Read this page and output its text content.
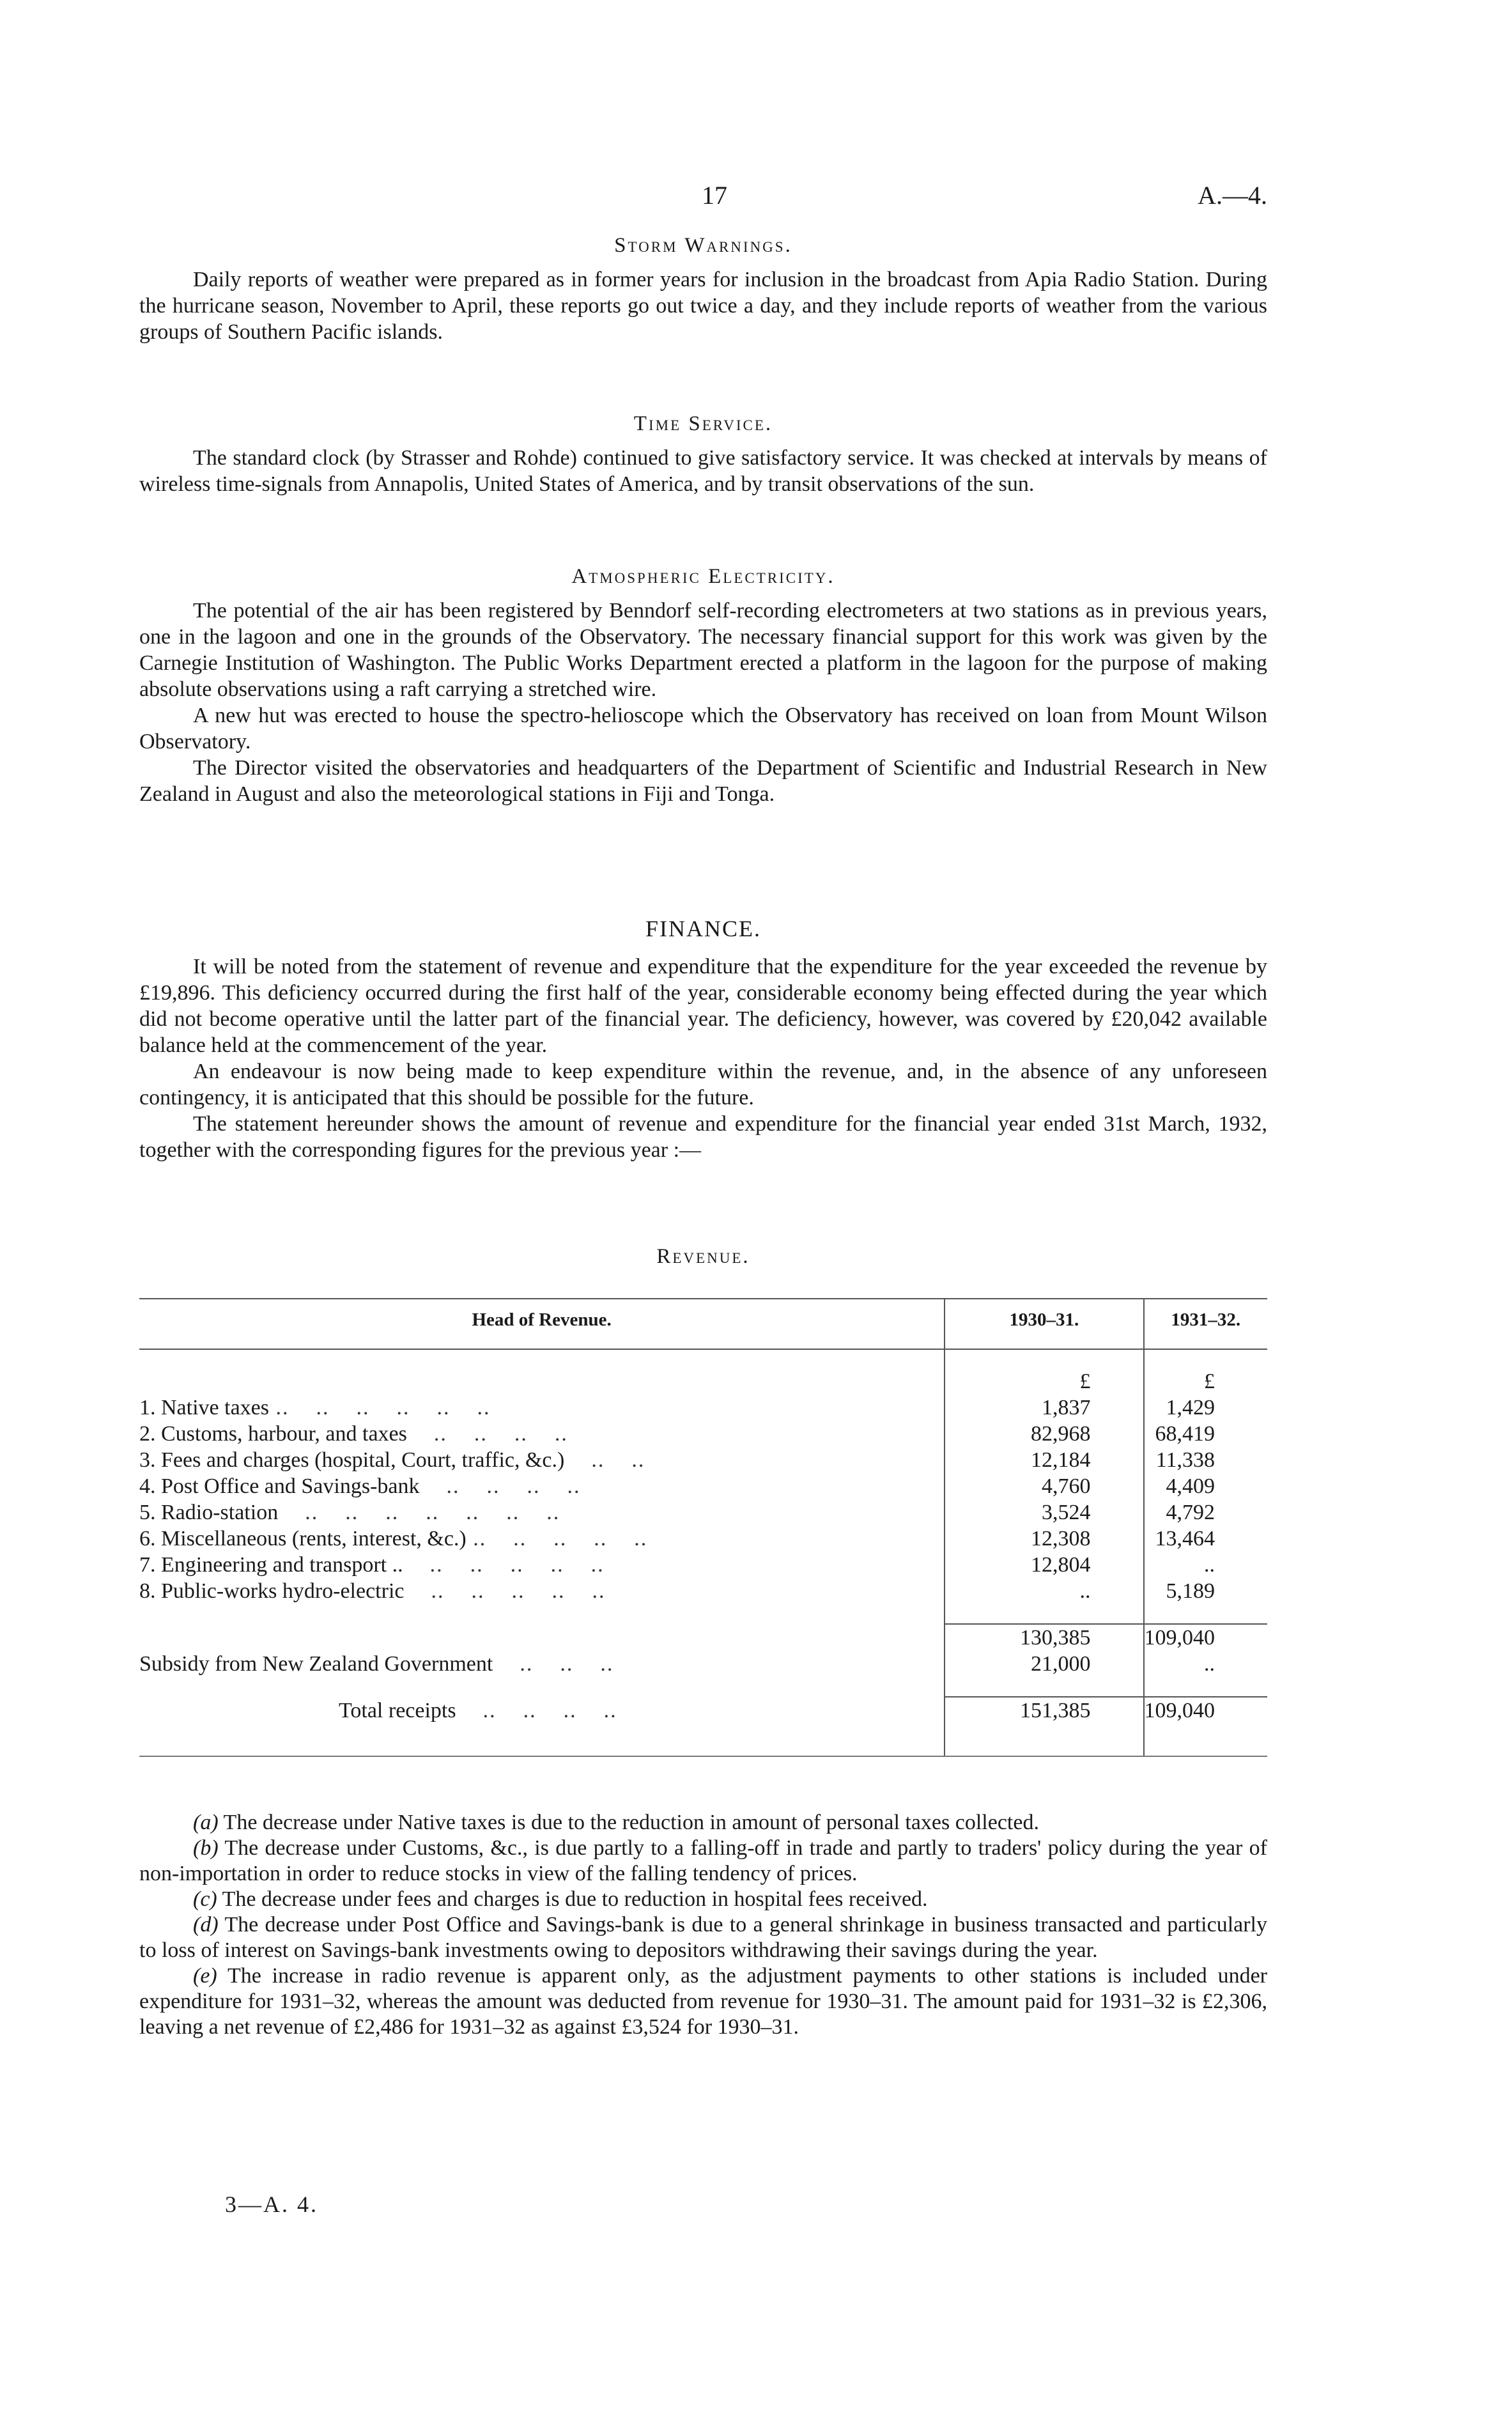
17	A.—4.

Storm Warnings.

Daily reports of weather were prepared as in former years for inclusion in the broadcast from Apia Radio Station. During the hurricane season, November to April, these reports go out twice a day, and they include reports of weather from the various groups of Southern Pacific islands.

Time Service.

The standard clock (by Strasser and Rohde) continued to give satisfactory service. It was checked at intervals by means of wireless time-signals from Annapolis, United States of America, and by transit observations of the sun.

Atmospheric Electricity.

The potential of the air has been registered by Benndorf self-recording electrometers at two stations as in previous years, one in the lagoon and one in the grounds of the Observatory. The necessary financial support for this work was given by the Carnegie Institution of Washington. The Public Works Department erected a platform in the lagoon for the purpose of making absolute observations using a raft carrying a stretched wire.

A new hut was erected to house the spectro-helioscope which the Observatory has received on loan from Mount Wilson Observatory.

The Director visited the observatories and headquarters of the Department of Scientific and Industrial Research in New Zealand in August and also the meteorological stations in Fiji and Tonga.

FINANCE.

It will be noted from the statement of revenue and expenditure that the expenditure for the year exceeded the revenue by £19,896. This deficiency occurred during the first half of the year, considerable economy being effected during the year which did not become operative until the latter part of the financial year. The deficiency, however, was covered by £20,042 available balance held at the commencement of the year.

An endeavour is now being made to keep expenditure within the revenue, and, in the absence of any unforeseen contingency, it is anticipated that this should be possible for the future.

The statement hereunder shows the amount of revenue and expenditure for the financial year ended 31st March, 1932, together with the corresponding figures for the previous year :—

Revenue.

Head of Revenue.	1930–31.	1931–32.
	£	£
1. Native taxes ..    ..    ..    ..    ..    ..	1,837	1,429
2. Customs, harbour, and taxes    ..    ..    ..    ..	82,968	68,419
3. Fees and charges (hospital, Court, traffic, &c.)    ..    ..	12,184	11,338
4. Post Office and Savings-bank    ..    ..    ..    ..	4,760	4,409
5. Radio-station    ..    ..    ..    ..    ..    ..    ..	3,524	4,792
6. Miscellaneous (rents, interest, &c.) ..    ..    ..    ..    ..	12,308	13,464
7. Engineering and transport ..    ..    ..    ..    ..    ..	12,804	..
8. Public-works hydro-electric    ..    ..    ..    ..    ..	..	5,189

	130,385	109,040
Subsidy from New Zealand Government    ..    ..    ..	21,000	..

Total receipts    ..    ..    ..    ..	151,385	109,040

(a) The decrease under Native taxes is due to the reduction in amount of personal taxes collected.

(b) The decrease under Customs, &c., is due partly to a falling-off in trade and partly to traders' policy during the year of non-importation in order to reduce stocks in view of the falling tendency of prices.

(c) The decrease under fees and charges is due to reduction in hospital fees received.

(d) The decrease under Post Office and Savings-bank is due to a general shrinkage in business transacted and particularly to loss of interest on Savings-bank investments owing to depositors withdrawing their savings during the year.

(e) The increase in radio revenue is apparent only, as the adjustment payments to other stations is included under expenditure for 1931–32, whereas the amount was deducted from revenue for 1930–31. The amount paid for 1931–32 is £2,306, leaving a net revenue of £2,486 for 1931–32 as against £3,524 for 1930–31.

3—A. 4.
